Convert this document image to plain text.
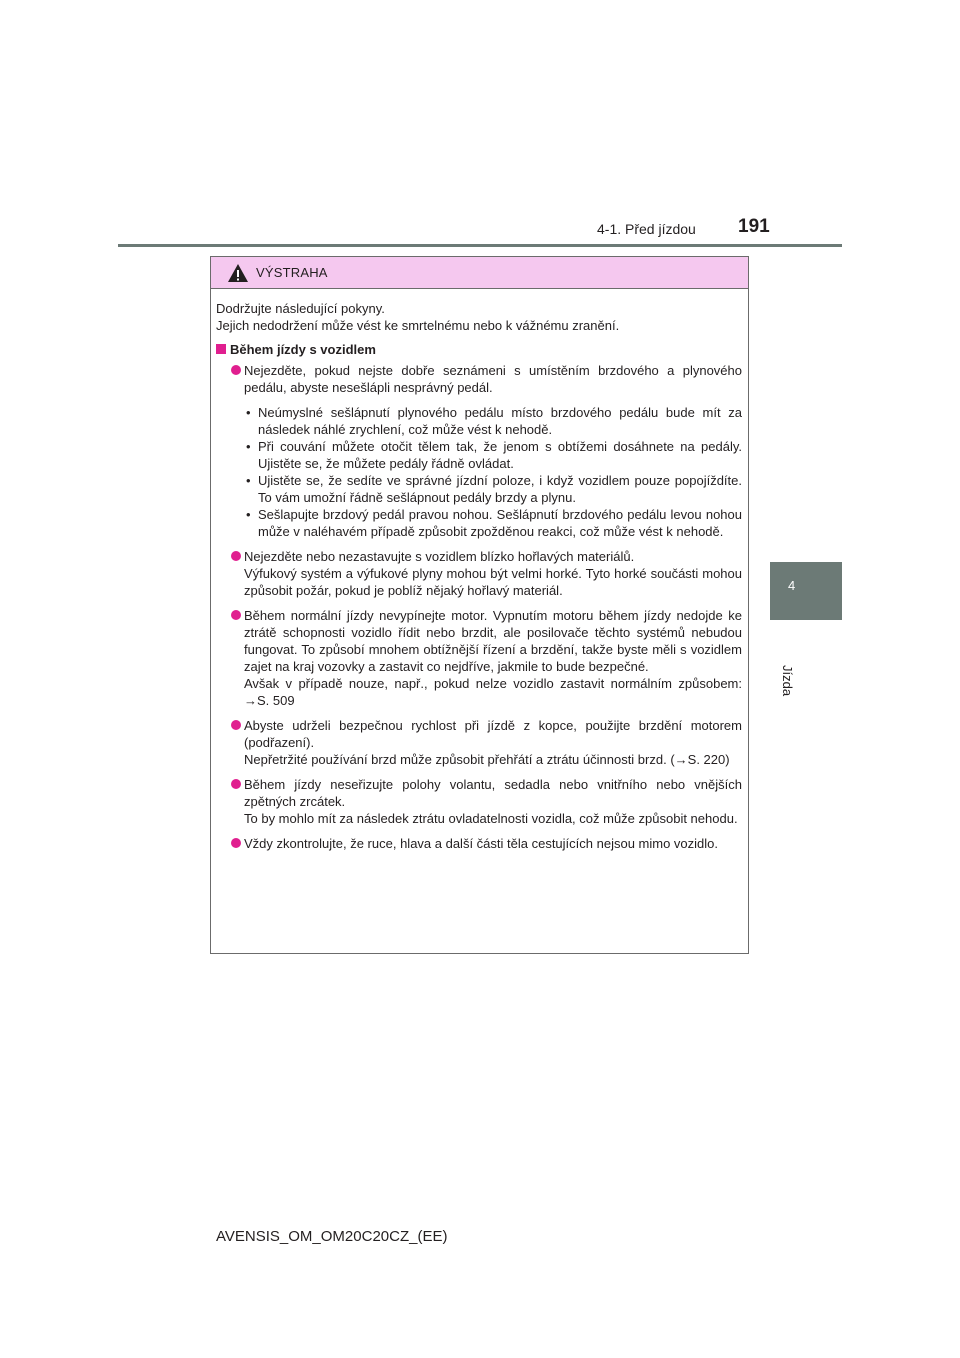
4-1. Před jízdou 191
4
Jízda
VÝSTRAHA

Dodržujte následující pokyny.
Jejich nedodržení může vést ke smrtelnému nebo k vážnému zranění.

Během jízdy s vozidlem

Nejezděte, pokud nejste dobře seznámeni s umístěním brzdového a plynového pedálu, abyste nesešlápli nesprávný pedál.

• Neúmyslné sešlápnutí plynového pedálu místo brzdového pedálu bude mít za následek náhlé zrychlení, což může vést k nehodě.
• Při couvání můžete otočit tělem tak, že jenom s obtížemi dosáhnete na pedály. Ujistěte se, že můžete pedály řádně ovládat.
• Ujistěte se, že sedíte ve správné jízdní poloze, i když vozidlem pouze popojíždíte. To vám umožní řádně sešlápnout pedály brzdy a plynu.
• Sešlapujte brzdový pedál pravou nohou. Sešlápnutí brzdového pedálu levou nohou může v naléhavém případě způsobit zpožděnou reakci, což může vést k nehodě.

Nejezděte nebo nezastavujte s vozidlem blízko hořlavých materiálů.

Výfukový systém a výfukové plyny mohou být velmi horké. Tyto horké součásti mohou způsobit požár, pokud je poblíž nějaký hořlavý materiál.

Během normální jízdy nevypínejte motor. Vypnutím motoru během jízdy nedojde ke ztrátě schopnosti vozidlo řídit nebo brzdit, ale posilovače těchto systémů nebudou fungovat. To způsobí mnohem obtížnější řízení a brzdění, takže byste měli s vozidlem zajet na kraj vozovky a zastavit co nejdříve, jakmile to bude bezpečné.

Avšak v případě nouze, např., pokud nelze vozidlo zastavit normálním způsobem: →S. 509

Abyste udrželi bezpečnou rychlost při jízdě z kopce, použijte brzdění motorem (podřazení).

Nepřetržité používání brzd může způsobit přehřátí a ztrátu účinnosti brzd. (→S. 220)

Během jízdy neseřizujte polohy volantu, sedadla nebo vnitřního nebo vnějších zpětných zrcátek.

To by mohlo mít za následek ztrátu ovladatelnosti vozidla, což může způsobit nehodu.

Vždy zkontrolujte, že ruce, hlava a další části těla cestujících nejsou mimo vozidlo.

AVENSIS_OM_OM20C20CZ_(EE)
